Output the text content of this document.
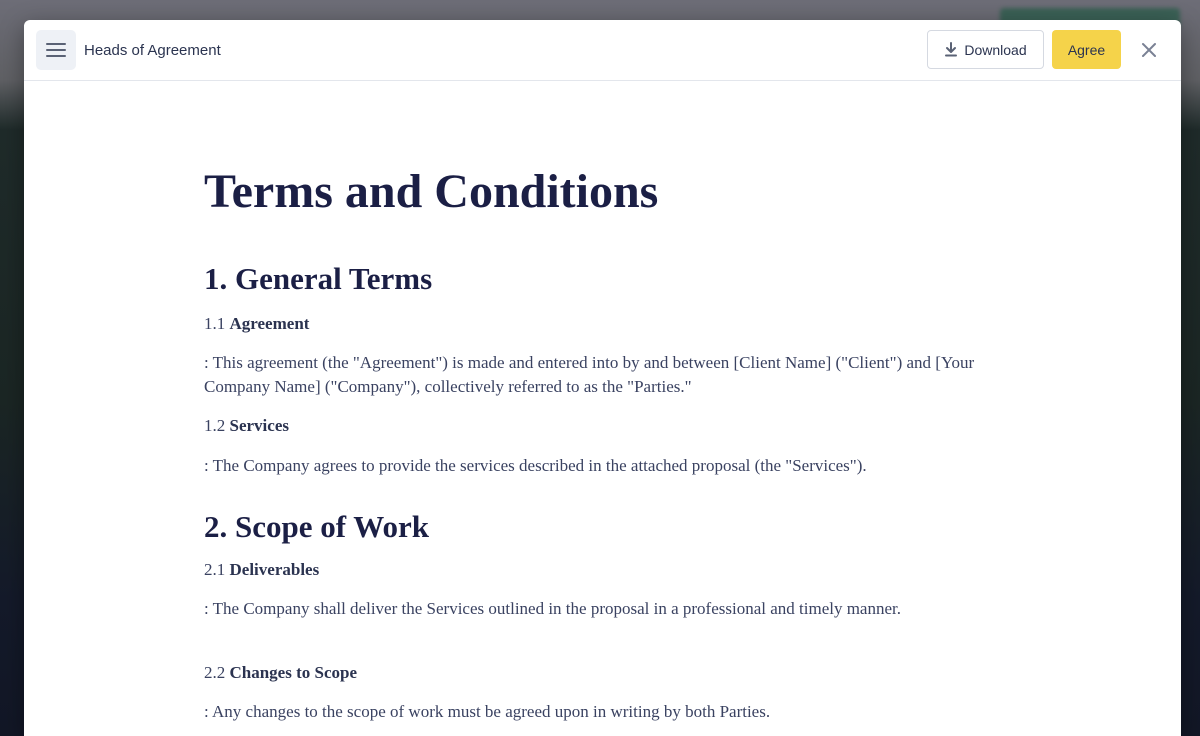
Heads of Agreement	Download	Agree
Terms and Conditions
1. General Terms

1.1 Agreement

: This agreement (the "Agreement") is made and entered into by and between [Client Name] ("Client") and [Your Company Name] ("Company"), collectively referred to as the "Parties."

1.2 Services

: The Company agrees to provide the services described in the attached proposal (the "Services").

2. Scope of Work

2.1 Deliverables

: The Company shall deliver the Services outlined in the proposal in a professional and timely manner.

2.2 Changes to Scope

: Any changes to the scope of work must be agreed upon in writing by both Parties.
